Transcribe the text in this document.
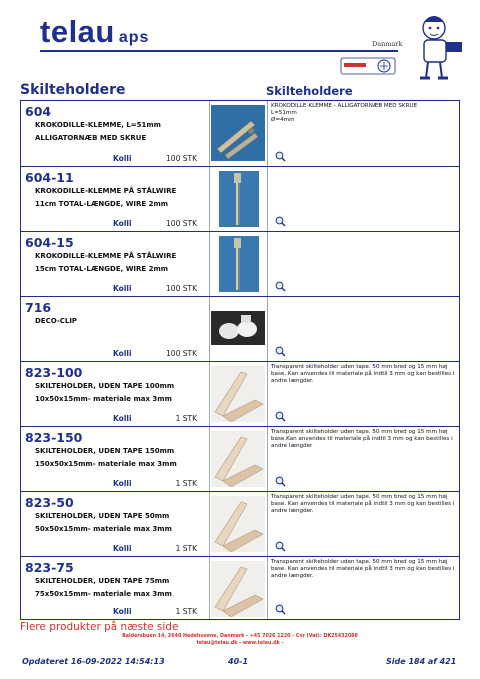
telau aps	Danmark
Skilteholdere	Skilteholdere
604
KROKODILLE-KLEMME, L=51mm
ALLIGATORNÆB MED SKRUE
Kolli	100 STK
KROKODILLE-KLEMME - ALLIGATORNÆB MED SKRUE
L=51mm
Ø=4mm
604-11
KROKODILLE-KLEMME PÅ STÅLWIRE
11cm TOTAL-LÆNGDE, WIRE 2mm
Kolli	100 STK
604-15
KROKODILLE-KLEMME PÅ STÅLWIRE
15cm TOTAL-LÆNGDE, WIRE 2mm
Kolli	100 STK
716
DECO-CLIP
Kolli	100 STK
823-100
SKILTEHOLDER, UDEN TAPE 100mm
10x50x15mm- materiale max 3mm
Kolli	1 STK
Transparent skilteholder uden tape. 50 mm bred og 15 mm høj base. Kan anvendes til materiale på indtil 3 mm og kan bestilles i andre længder.
823-150
SKILTEHOLDER, UDEN TAPE 150mm
150x50x15mm- materiale max 3mm
Kolli	1 STK
Transparent skilteholder uden tape. 50 mm bred og 15 mm høj base.Kan anvendes til materiale på indtil 3 mm og kan bestilles i andre længder
823-50
SKILTEHOLDER, UDEN TAPE 50mm
50x50x15mm- materiale max 3mm
Kolli	1 STK
Transparent skilteholder uden tape. 50 mm bred og 15 mm høj base. Kan anvendes til materiale på indtil 3 mm og kan bestilles i andre længder.
823-75
SKILTEHOLDER, UDEN TAPE 75mm
75x50x15mm- materiale max 3mm
Kolli	1 STK
Transparent skilteholder uden tape. 50 mm bred og 15 mm høj base. Kan anvendes til materiale på indtil 3 mm og kan bestilles i andre længder.
Flere produkter på næste side
Baldersbuen 14, 2640 Hedehusene, Danmark - +45 7026 1220 - Cvr (Vat): DK25432088
telau@telau.dk - www.telau.dk -
Opdateret 16-09-2022 14:54:13	40-1	Side 184 af 421
